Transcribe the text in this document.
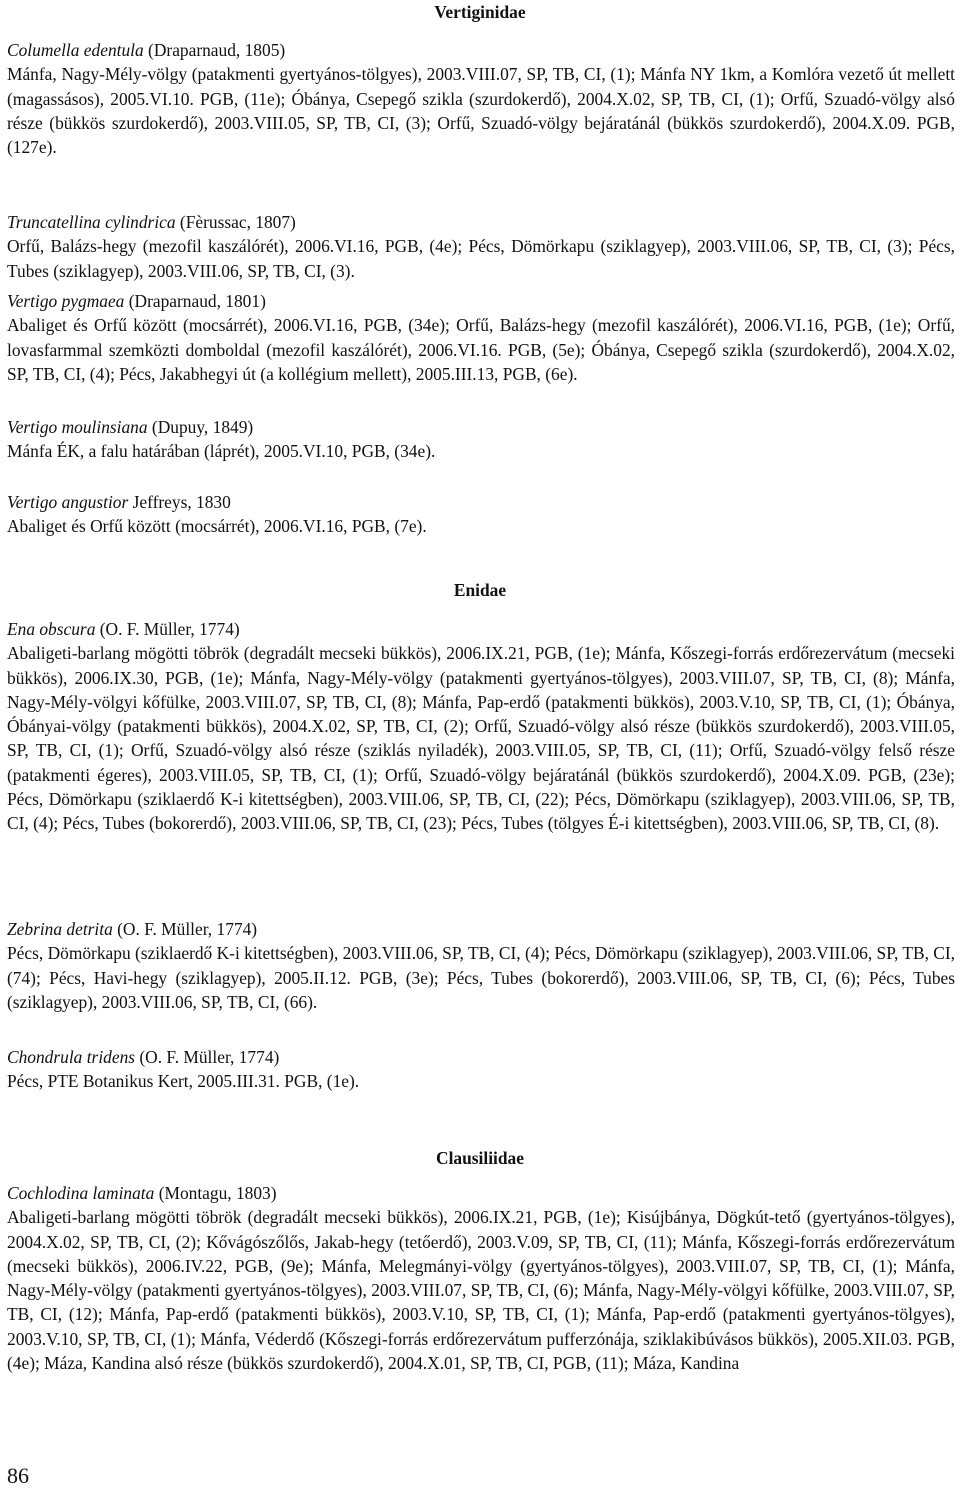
Vertiginidae
Columella edentula (Draparnaud, 1805)
Mánfa, Nagy-Mély-völgy (patakmenti gyertyános-tölgyes), 2003.VIII.07, SP, TB, CI, (1); Mánfa NY 1km, a Komlóra vezető út mellett (magassásos), 2005.VI.10. PGB, (11e); Óbánya, Csepegő szikla (szurdokerdő), 2004.X.02, SP, TB, CI, (1); Orfű, Szuadó-völgy alsó része (bükkös szurdokerdő), 2003.VIII.05, SP, TB, CI, (3); Orfű, Szuadó-völgy bejáratánál (bükkös szurdokerdő), 2004.X.09. PGB, (127e).
Truncatellina cylindrica (Fèrussac, 1807)
Orfű, Balázs-hegy (mezofil kaszálórét), 2006.VI.16, PGB, (4e); Pécs, Dömörkapu (sziklagyep), 2003.VIII.06, SP, TB, CI, (3); Pécs, Tubes (sziklagyep), 2003.VIII.06, SP, TB, CI, (3).
Vertigo pygmaea (Draparnaud, 1801)
Abaliget és Orfű között (mocsárrét), 2006.VI.16, PGB, (34e); Orfű, Balázs-hegy (mezofil kaszálórét), 2006.VI.16, PGB, (1e); Orfű, lovasfarmmal szemközti domboldal (mezofil kaszálórét), 2006.VI.16. PGB, (5e); Óbánya, Csepegő szikla (szurdokerdő), 2004.X.02, SP, TB, CI, (4); Pécs, Jakabhegyi út (a kollégium mellett), 2005.III.13, PGB, (6e).
Vertigo moulinsiana (Dupuy, 1849)
Mánfa ÉK, a falu határában (láprét), 2005.VI.10, PGB, (34e).
Vertigo angustior Jeffreys, 1830
Abaliget és Orfű között (mocsárrét), 2006.VI.16, PGB, (7e).
Enidae
Ena obscura (O. F. Müller, 1774)
Abaligeti-barlang mögötti töbrök (degradált mecseki bükkös), 2006.IX.21, PGB, (1e); Mánfa, Kőszegi-forrás erdőrezervátum (mecseki bükkös), 2006.IX.30, PGB, (1e); Mánfa, Nagy-Mély-völgy (patakmenti gyertyános-tölgyes), 2003.VIII.07, SP, TB, CI, (8); Mánfa, Nagy-Mély-völgyi kőfülke, 2003.VIII.07, SP, TB, CI, (8); Mánfa, Pap-erdő (patakmenti bükkös), 2003.V.10, SP, TB, CI, (1); Óbánya, Óbányai-völgy (patakmenti bükkös), 2004.X.02, SP, TB, CI, (2); Orfű, Szuadó-völgy alsó része (bükkös szurdokerdő), 2003.VIII.05, SP, TB, CI, (1); Orfű, Szuadó-völgy alsó része (sziklás nyiladék), 2003.VIII.05, SP, TB, CI, (11); Orfű, Szuadó-völgy felső része (patakmenti égeres), 2003.VIII.05, SP, TB, CI, (1); Orfű, Szuadó-völgy bejáratánál (bükkös szurdokerdő), 2004.X.09. PGB, (23e); Pécs, Dömörkapu (sziklaerdő K-i kitettségben), 2003.VIII.06, SP, TB, CI, (22); Pécs, Dömörkapu (sziklagyep), 2003.VIII.06, SP, TB, CI, (4); Pécs, Tubes (bokorerdő), 2003.VIII.06, SP, TB, CI, (23); Pécs, Tubes (tölgyes É-i kitettségben), 2003.VIII.06, SP, TB, CI, (8).
Zebrina detrita (O. F. Müller, 1774)
Pécs, Dömörkapu (sziklaerdő K-i kitettségben), 2003.VIII.06, SP, TB, CI, (4); Pécs, Dömörkapu (sziklagyep), 2003.VIII.06, SP, TB, CI, (74); Pécs, Havi-hegy (sziklagyep), 2005.II.12. PGB, (3e); Pécs, Tubes (bokorerdő), 2003.VIII.06, SP, TB, CI, (6); Pécs, Tubes (sziklagyep), 2003.VIII.06, SP, TB, CI, (66).
Chondrula tridens (O. F. Müller, 1774)
Pécs, PTE Botanikus Kert, 2005.III.31. PGB, (1e).
Clausiliidae
Cochlodina laminata (Montagu, 1803)
Abaligeti-barlang mögötti töbrök (degradált mecseki bükkös), 2006.IX.21, PGB, (1e); Kisújbánya, Dögkút-tető (gyertyános-tölgyes), 2004.X.02, SP, TB, CI, (2); Kővágószőlős, Jakab-hegy (tetőerdő), 2003.V.09, SP, TB, CI, (11); Mánfa, Kőszegi-forrás erdőrezervátum (mecseki bükkös), 2006.IV.22, PGB, (9e); Mánfa, Melegmányi-völgy (gyertyános-tölgyes), 2003.VIII.07, SP, TB, CI, (1); Mánfa, Nagy-Mély-völgy (patakmenti gyertyános-tölgyes), 2003.VIII.07, SP, TB, CI, (6); Mánfa, Nagy-Mély-völgyi kőfülke, 2003.VIII.07, SP, TB, CI, (12); Mánfa, Pap-erdő (patakmenti bükkös), 2003.V.10, SP, TB, CI, (1); Mánfa, Pap-erdő (patakmenti gyertyános-tölgyes), 2003.V.10, SP, TB, CI, (1); Mánfa, Véderdő (Kőszegi-forrás erdőrezervátum pufferzónája, sziklakibúvásos bükkös), 2005.XII.03. PGB, (4e); Máza, Kandina alsó része (bükkös szurdokerdő), 2004.X.01, SP, TB, CI, PGB, (11); Máza, Kandina
86
